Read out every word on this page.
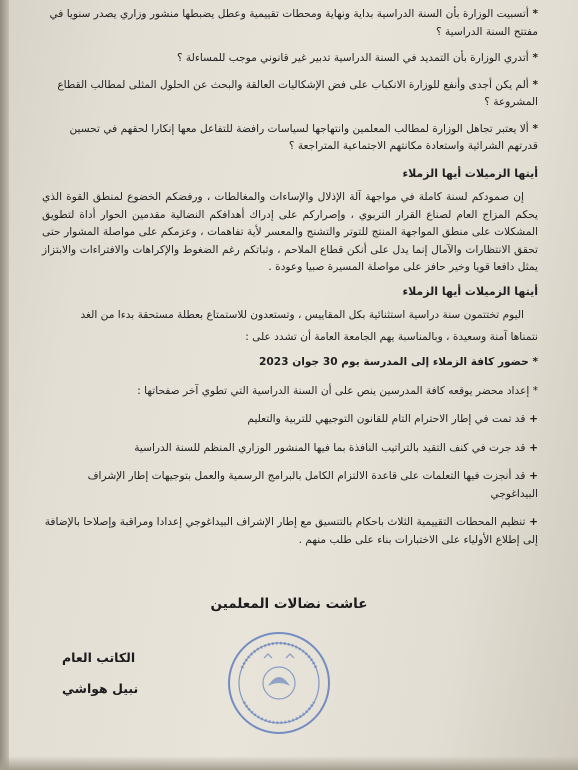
* أتسبيت الوزارة بأن السنة الدراسية بداية ونهاية ومحطات تقييمية وعطل يضبطها منشور وزاري يصدر سنويا في مفتتح السنة الدراسية ؟

* أتدري الوزارة بأن التمديد في السنة الدراسية تدبير غير قانوني موجب للمساءلة ؟

* ألم يكن أجدى وأنفع للوزارة الانكباب على فض الإشكاليات العالقة والبحث عن الحلول المثلى لمطالب القطاع المشروعة ؟

* ألا يعتبر تجاهل الوزارة لمطالب المعلمين وانتهاجها لسياسات رافضة للتفاعل معها إنكارا لحقهم في تحسين قدرتهم الشرائية واستعادة مكانتهم الاجتماعية المتراجعة ؟

أيتها الزميلات أيها الزملاء

إن صمودكم لسنة كاملة في مواجهة آلة الإذلال والإساءات والمغالطات ، ورفضكم الخضوع لمنطق القوة الذي يحكم المزاج العام لصناع القرار التربوي ، وإصراركم على إدراك أهدافكم النضالية مقدمين الحوار أداة لتطويق المشكلات على منطق المواجهة المنتج للتوتر والتشنج والمعسر لأية تفاهمات ، وعزمكم على مواصلة المشوار حتى تحقق الانتظارات والآمال إنما يدل على أنكن قطاع الملاحم ، وثباتكم رغم الضغوط والإكراهات والافتراءات والابتزاز يمثل دافعا قويا وخير حافز على مواصلة المسيرة صبيا وعودة .

أيتها الزميلات أيها الزملاء

اليوم تختتمون سنة دراسية استثنائية بكل المقاييس ، وتستعدون للاستمتاع بعطلة مستحقة بدءا من الغد

نتمناها آمنة وسعيدة ، وبالمناسبة يهم الجامعة العامة أن تشدد على :

* حضور كافة الزملاء إلى المدرسة يوم 30 جوان 2023

* إعداد محضر يوقعه كافة المدرسين ينص على أن السنة الدراسية التي تطوي آخر صفحاتها :

+ قد تمت في إطار الاحترام التام للقانون التوجيهي للتربية والتعليم

+ قد جرت في كنف التقيد بالتراتيب النافذة بما فيها المنشور الوزاري المنظم للسنة الدراسية

+ قد أنجزت فيها التعلمات على قاعدة الالتزام الكامل بالبرامج الرسمية والعمل بتوجيهات إطار الإشراف البيداغوجي

+ تنظيم المحطات التقييمية الثلاث باحكام بالتنسيق مع إطار الإشراف البيداغوجي إعدادا ومراقبة وإصلاحا بالإضافة إلى إطلاع الأولياء على الاختبارات بناء على طلب منهم .

عاشت نضالات المعلمين

الكاتب العام

نبيل هواشي
